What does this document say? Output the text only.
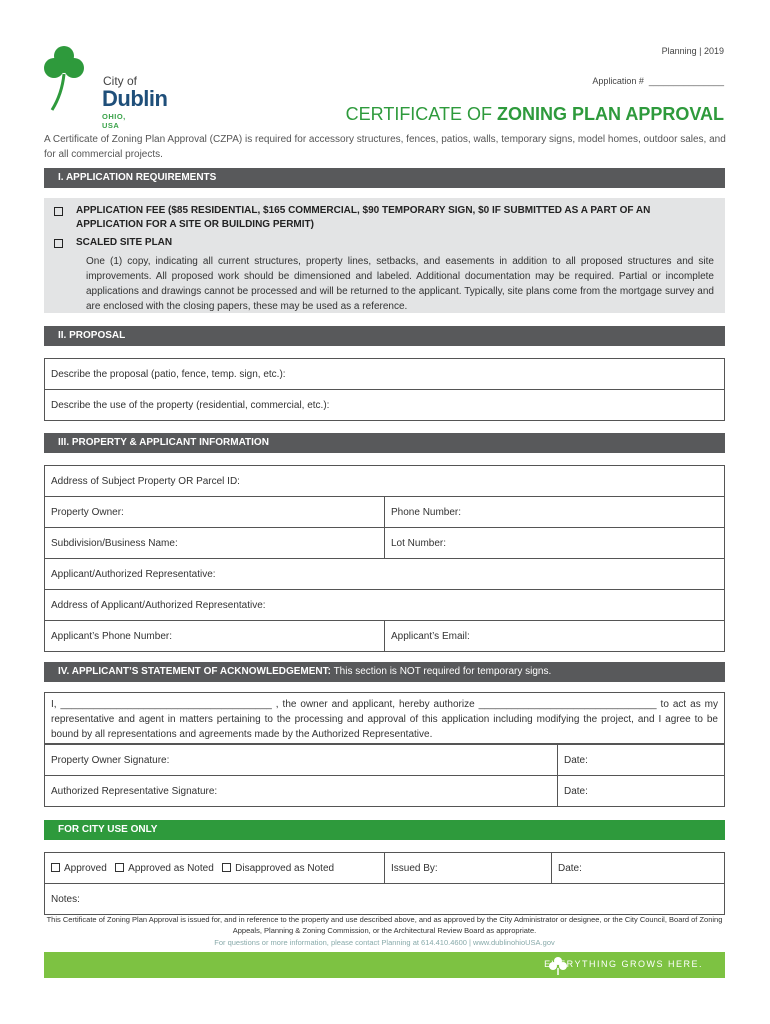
City of
Dublin
OHIO, USA
Planning | 2019
Application # _______________
CERTIFICATE OF ZONING PLAN APPROVAL
A Certificate of Zoning Plan Approval (CZPA) is required for accessory structures, fences, patios, walls, temporary signs, model homes, outdoor sales, and for all commercial projects.
I. APPLICATION REQUIREMENTS
APPLICATION FEE ($85 RESIDENTIAL, $165 COMMERCIAL, $90 TEMPORARY SIGN, $0 IF SUBMITTED AS A PART OF AN APPLICATION FOR A SITE OR BUILDING PERMIT)
SCALED SITE PLAN
One (1) copy, indicating all current structures, property lines, setbacks, and easements in addition to all proposed structures and site improvements. All proposed work should be dimensioned and labeled. Additional documentation may be required. Partial or incomplete applications and drawings cannot be processed and will be returned to the applicant. Typically, site plans come from the mortgage survey and are enclosed with the closing papers, these may be used as a reference.
II. PROPOSAL
Describe the proposal (patio, fence, temp. sign, etc.):
Describe the use of the property (residential, commercial, etc.):
III. PROPERTY & APPLICANT INFORMATION
Address of Subject Property OR Parcel ID:	
Property Owner:	Phone Number:
Subdivision/Business Name:	Lot Number:
Applicant/Authorized Representative:	
Address of Applicant/Authorized Representative:	
Applicant’s Phone Number:	Applicant’s Email:
IV. APPLICANT’S STATEMENT OF ACKNOWLEDGEMENT: This section is NOT required for temporary signs.
I, ______________________________________ , the owner and applicant, hereby authorize ________________________________ to act as my representative and agent in matters pertaining to the processing and approval of this application including modifying the project, and I agree to be bound by all representations and agreements made by the Authorized Representative.
Property Owner Signature:	Date:
Authorized Representative Signature:	Date:
FOR CITY USE ONLY
Approved Approved as Noted Disapproved as Noted	Issued By:	Date:
Notes:
This Certificate of Zoning Plan Approval is issued for, and in reference to the property and use described above, and as approved by the City Administrator or designee, or the City Council, Board of Zoning Appeals, Planning & Zoning Commission, or the Architectural Review Board as appropriate.
For questions or more information, please contact Planning at 614.410.4600 | www.dublinohioUSA.gov
EVERYTHING GROWS HERE.
